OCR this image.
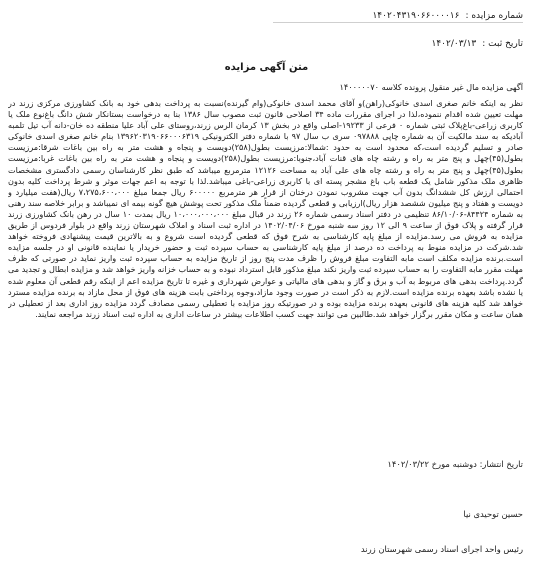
شماره مزایده :
۱۴۰۲۰۴۳۱۹۰۶۶۰۰۰۰۱۶
تاریخ ثبت :
۱۴۰۲/۰۳/۱۳
متن آگهی مزایده
آگهی مزایده مال غیر منقول پرونده کلاسه ۱۴۰۰۰۰۰۷۰
نظر به اینکه خانم صغری اسدی خانوکی(راهن)و آقای محمد اسدی خانوکی(وام گیرنده)نسبت به پرداخت بدهی خود به بانک کشاورزی مرکزی زرند در مهلت تعیین شده اقدام ننموده،لذا در اجرای مقررات ماده ۳۴ اصلاحی قانون ثبت مصوب سال ۱۳۸۶ بنا به درخواست بستانکار شش دانگ باغ‌نوع ملک یا کاربری زراعی-باغ‌پلاک ثبتی شماره ۰ فرعی از ۱۹۲۳۳-اصلی واقع در بخش ۱۳ کرمان الرس زرند،روستای علی آباد علیا منطقه ده خان-دانه آب تیل تلمبه آبادیکه به سند مالکیت آن به شماره چاپی ۰۹۷۸۸۸ سری ب سال ۹۷ با شماره دفتر الکترونیکی ۱۳۹۶۲۰۳۱۹۰۶۶۰۰۰۶۳۱۹ بنام خانم صغری اسدی خانوکی صادر و تسلیم گردیده است،که محدود است به حدود :شمالا:مرزیست بطول(۲۵۸)دویست و پنجاه و هشت متر به راه بین باغات شرقا:مرزیست بطول(۴۵)چهل و پنج متر به راه و رشته چاه های قنات آباد،جنوبا:مرزیست بطول(۲۵۸)دویست و پنجاه و هشت متر به راه بین باغات غربا:مرزیست بطول(۴۵)چهل و پنج متر به راه و رشته چاه های علی آباد به مساحت ۱۲۱۲۶ مترمربع میباشد که طبق نظر کارشناسان رسمی دادگستری مشخصات ظاهری ملک مذکور شامل یک قطعه باب باغ مشجر پسته ای با کاربری زراعی-باغی میباشد.لذا با توجه به اعم جهات موثر و شرط پرداخت کلیه بدون احتمالی ارزش کل ششدانگ بدون آب جهت مشروب نمودن درختان از قرار هر مترمربع ۶۰۰۰۰۰ ریال جمعا مبلغ ۷،۲۷۵،۶۰۰،۰۰۰ ریال(هفت میلیارد و دویست و هفتاد و پنج میلیون ششصد هزار ریال)ارزیابی و قطعی گردیده ضمناً ملک مذکور تحت پوشش هیچ گونه بیمه ای نمیباشد و برابر خلاصه سند رهنی به شماره ۸۴۴۲۴-۸۶/۱۰/۰۶ تنظیمی در دفتر اسناد رسمی شماره ۲۶ زرند در قبال مبلغ ۱۰،۰۰۰،۰۰۰،۰۰۰ ریال بمدت ۱۰ سال در رهن بانک کشاورزی زرند قرار گرفته و پلاک فوق از ساعت ۹ الی ۱۲ روز سه شنبه مورخ ۱۴۰۲/۰۴/۰۶ در اداره ثبت اسناد و املاک شهرستان زرند واقع در بلوار فردوس از طریق مزایده به فروش می رسد.مزایده از مبلغ پایه کارشناسی به شرح فوق که قطعی گردیده است شروع و به بالاترین قیمت پیشنهادی فروخته خواهد شد.شرکت در مزایده منوط به پرداخت ده درصد از مبلغ پایه کارشناسی به حساب سپرده ثبت و حضور خریدار یا نماینده قانونی او در جلسه مزایده است.برنده مزایده مکلف است مابه التفاوت مبلغ فروش را ظرف مدت پنج روز از تاریخ مزایده به حساب سپرده ثبت واریز نماید در صورتی که ظرف مهلت مقرر مابه التفاوت را به حساب سپرده ثبت واریز نکند مبلغ مذکور قابل استرداد نبوده و به حساب خزانه واریز خواهد شد و مزایده ابطال و تجدید می گردد.پرداخت بدهی های مربوط به آب و برق و گاز و بدهی های مالیاتی و عوارض شهرداری و غیره تا تاریخ مزایده اعم از اینکه رقم قطعی آن معلوم شده یا نشده باشد بعهده برنده مزایده است.لازم به ذکر است در صورت وجود مازاد،وجوه پرداختی بابت هزینه های فوق از محل مازاد به برنده مزایده مسترد خواهد شد کلیه هزینه های قانونی بعهده برنده مزایده بوده و در صورتیکه روز مزایده با تعطیلی رسمی مصادف گردد مزایده روز اداری بعد از تعطیلی در همان ساعت و مکان مقرر برگزار خواهد شد.طالبین می توانند جهت کسب اطلاعات بیشتر در ساعات اداری به اداره ثبت اسناد زرند مراجعه نمایند.
تاریخ انتشار: دوشنبه مورخ ۱۴۰۲/۰۳/۲۲
حسین توحیدی نیا
رئیس واحد اجرای اسناد رسمی شهرستان زرند
